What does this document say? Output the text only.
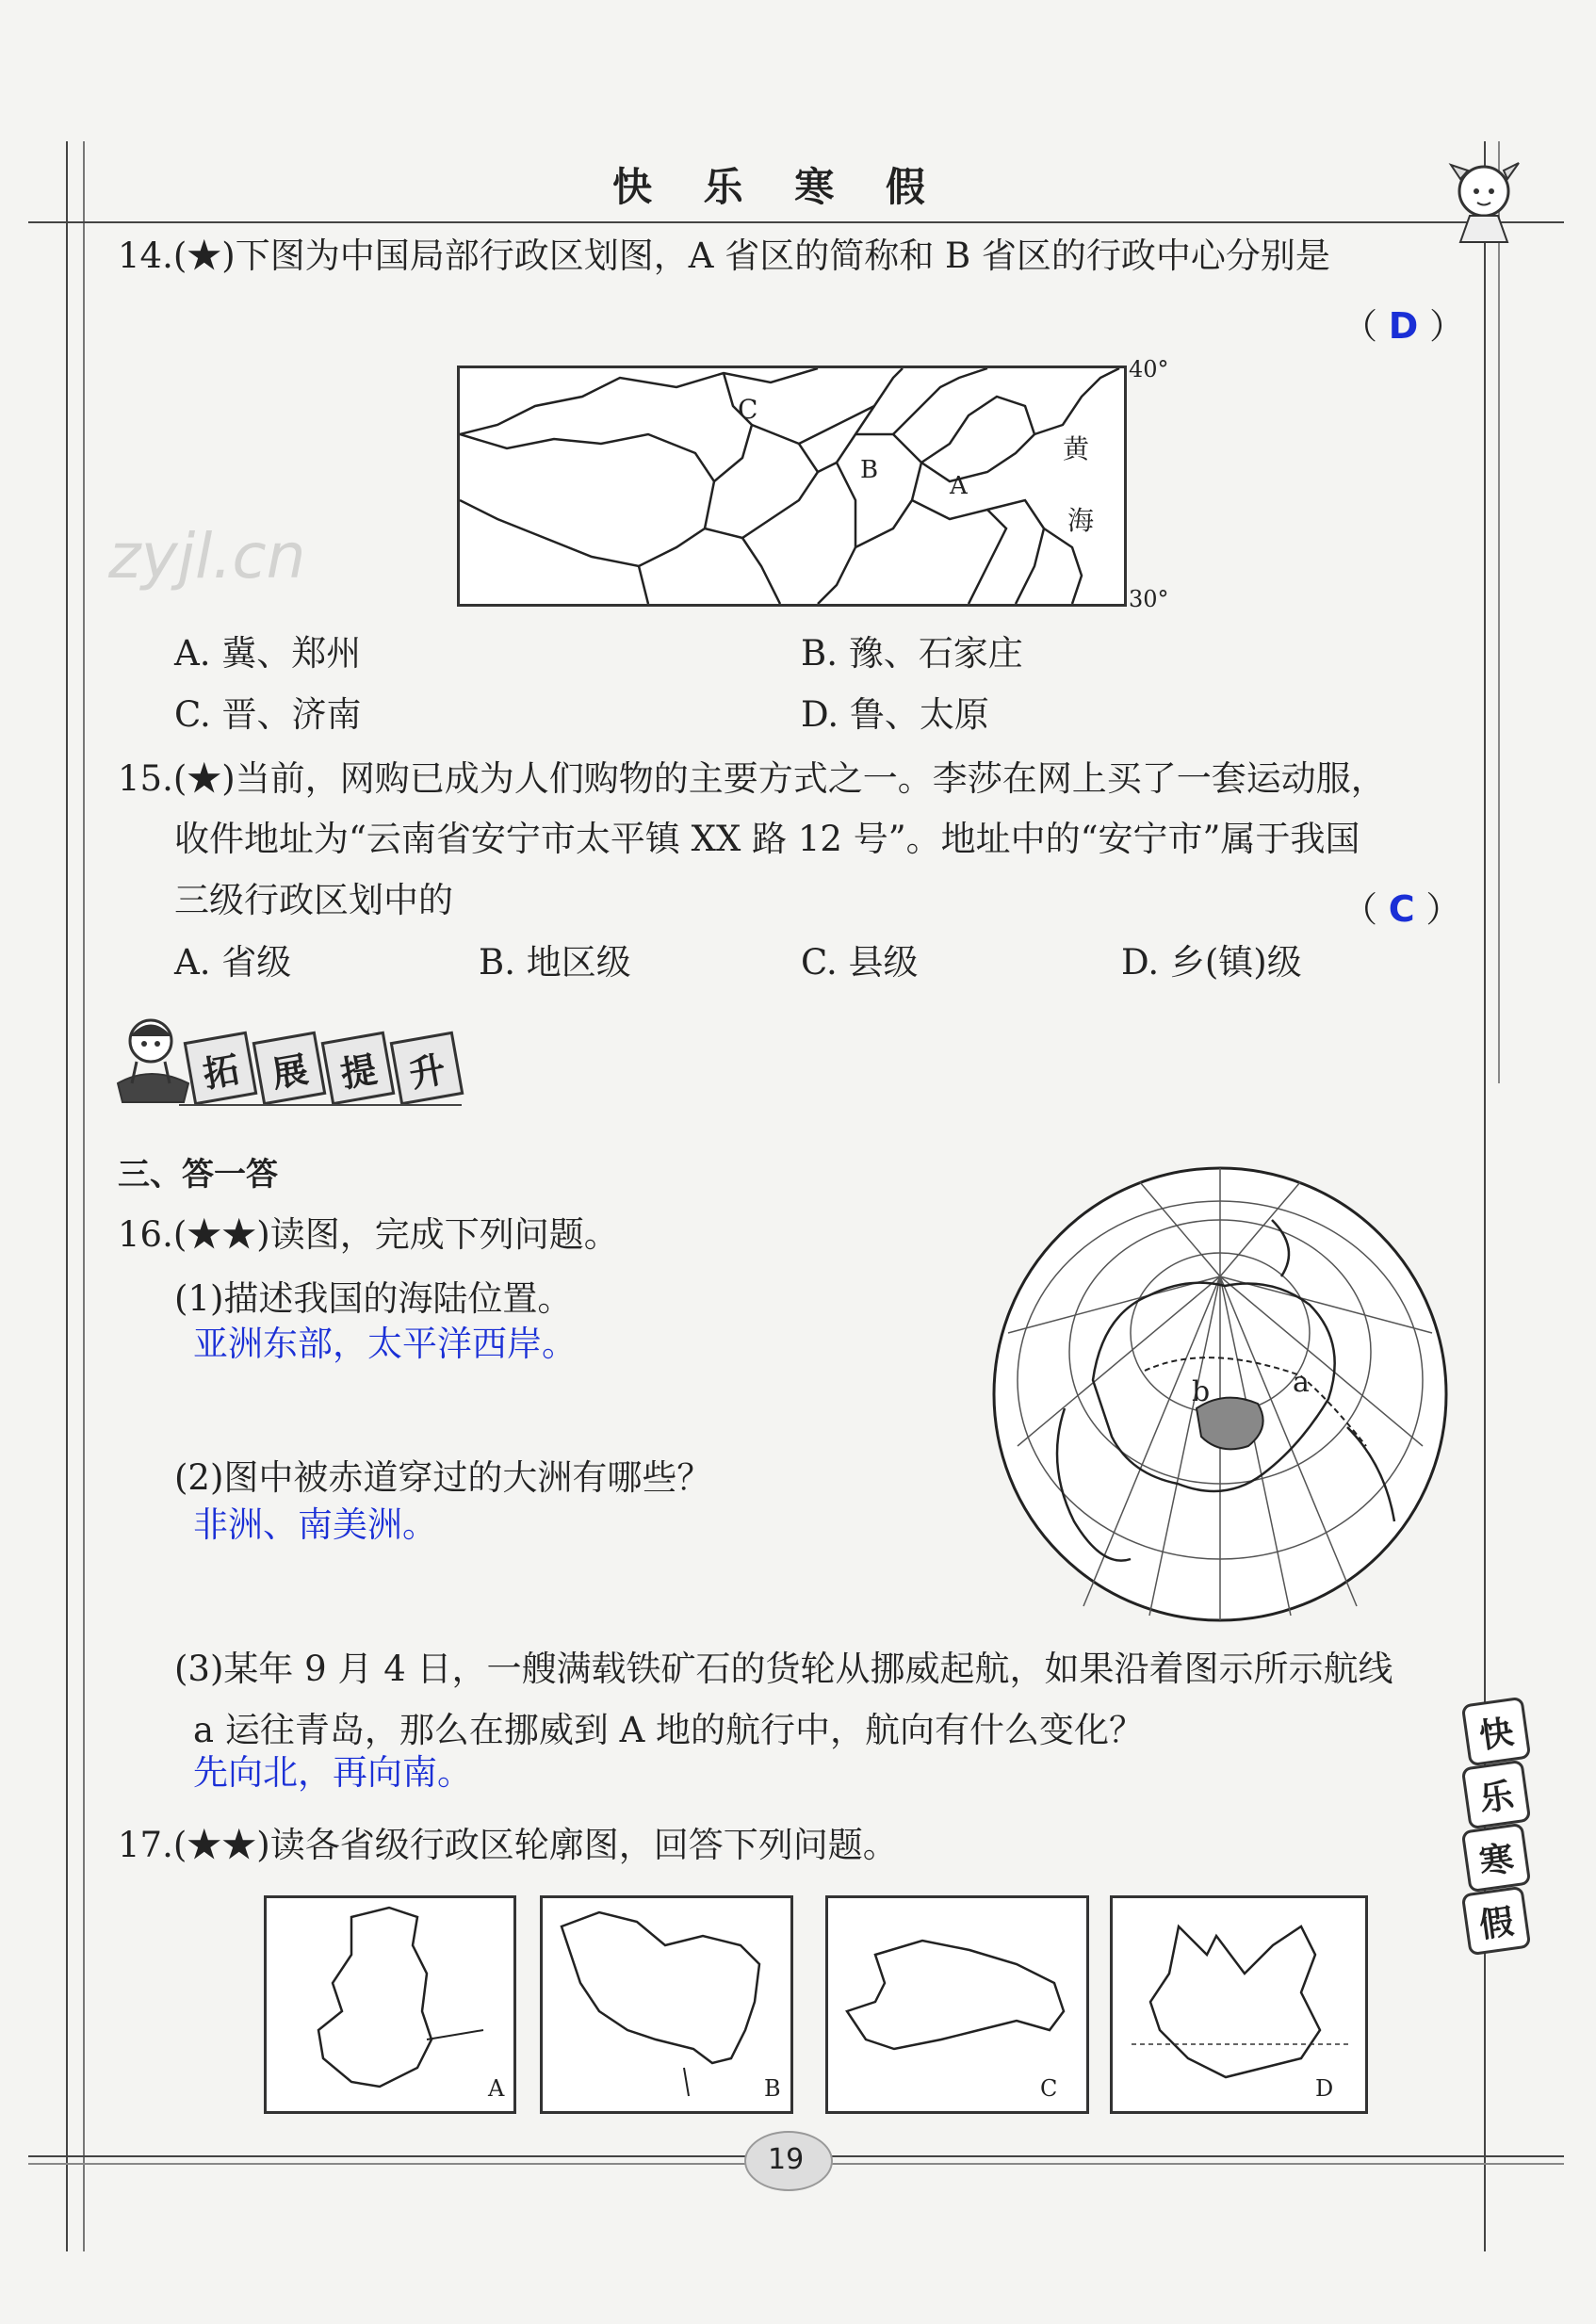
快 乐 寒 假
14.(★)下图为中国局部行政区划图，A 省区的简称和 B 省区的行政中心分别是
（ D ）
C
B
A
黄
海
40°
30°
zyjl.cn
A. 冀、郑州	B. 豫、石家庄
C. 晋、济南	D. 鲁、太原
15.(★)当前，网购已成为人们购物的主要方式之一。李莎在网上买了一套运动服，
收件地址为“云南省安宁市太平镇 XX 路 12 号”。地址中的“安宁市”属于我国
三级行政区划中的	（ C ）
A. 省级	B. 地区级	C. 县级	D. 乡(镇)级
拓 展 提 升
三、答一答
16.(★★)读图，完成下列问题。
(1)描述我国的海陆位置。
亚洲东部，太平洋西岸。
(2)图中被赤道穿过的大洲有哪些？
非洲、南美洲。
a
b
(3)某年 9 月 4 日，一艘满载铁矿石的货轮从挪威起航，如果沿着图示所示航线
a 运往青岛，那么在挪威到 A 地的航行中，航向有什么变化？
先向北，再向南。
17.(★★)读各省级行政区轮廓图，回答下列问题。
A	B	C	D
快
乐
寒
假
19
